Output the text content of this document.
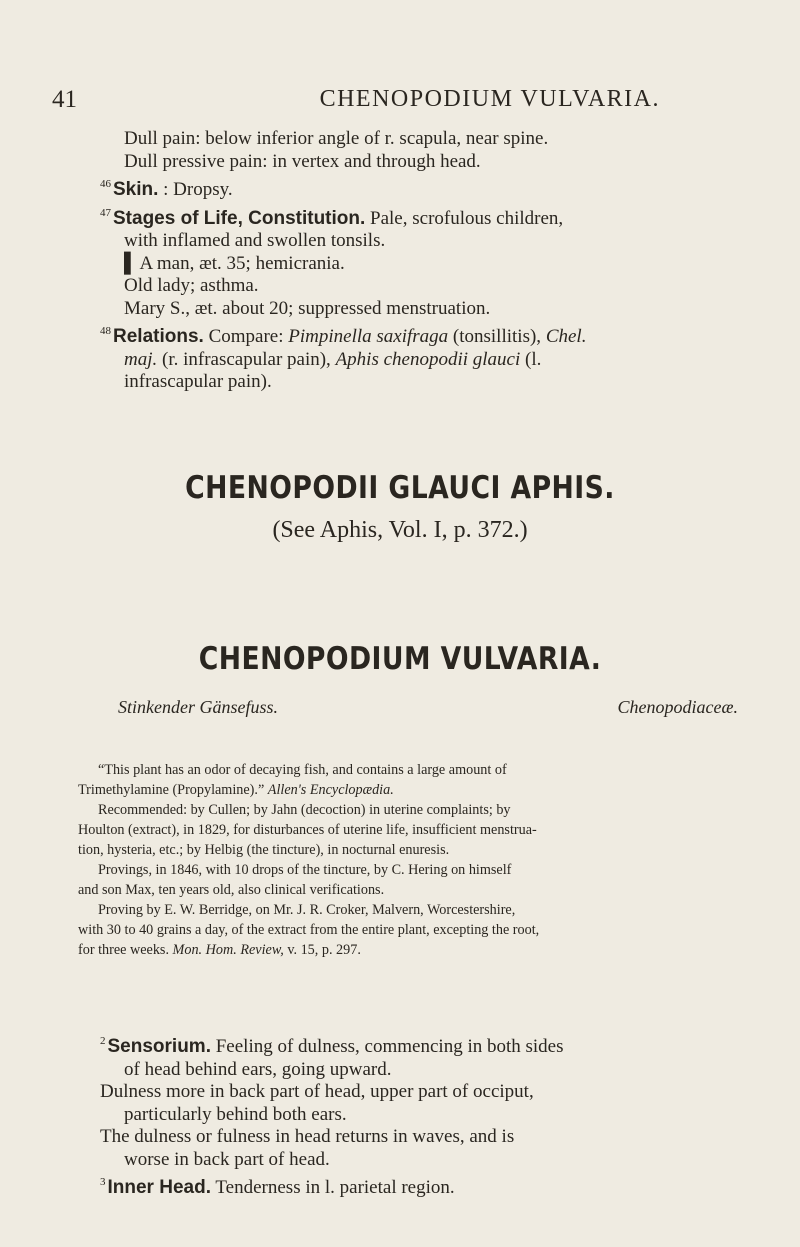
41	CHENOPODIUM VULVARIA.
Dull pain: below inferior angle of r. scapula, near spine.
Dull pressive pain: in vertex and through head.
$^{46}$ Skin. : Dropsy.
$^{47}$ Stages of Life, Constitution. Pale, scrofulous children,
with inflamed and swollen tonsils.
▌ A man, æt. 35; hemicrania.
Old lady; asthma.
Mary S., æt. about 20; suppressed menstruation.
$^{48}$ Relations. Compare: Pimpinella saxifraga (tonsillitis), Chel.
maj. (r. infrascapular pain), Aphis chenopodii glauci (l.
infrascapular pain).
CHENOPODII GLAUCI APHIS.
(See Aphis, Vol. I, p. 372.)
CHENOPODIUM VULVARIA.
Stinkender Gänsefuss.	Chenopodiaceæ.
“This plant has an odor of decaying fish, and contains a large amount of
Trimethylamine (Propylamine).” Allen's Encyclopædia.
Recommended: by Cullen; by Jahn (decoction) in uterine complaints; by
Houlton (extract), in 1829, for disturbances of uterine life, insufficient menstrua-
tion, hysteria, etc.; by Helbig (the tincture), in nocturnal enuresis.
Provings, in 1846, with 10 drops of the tincture, by C. Hering on himself
and son Max, ten years old, also clinical verifications.
Proving by E. W. Berridge, on Mr. J. R. Croker, Malvern, Worcestershire,
with 30 to 40 grains a day, of the extract from the entire plant, excepting the root,
for three weeks. Mon. Hom. Review, v. 15, p. 297.
$^2$ Sensorium. Feeling of dulness, commencing in both sides
of head behind ears, going upward.
Dulness more in back part of head, upper part of occiput,
particularly behind both ears.
The dulness or fulness in head returns in waves, and is
worse in back part of head.
$^3$ Inner Head. Tenderness in l. parietal region.
